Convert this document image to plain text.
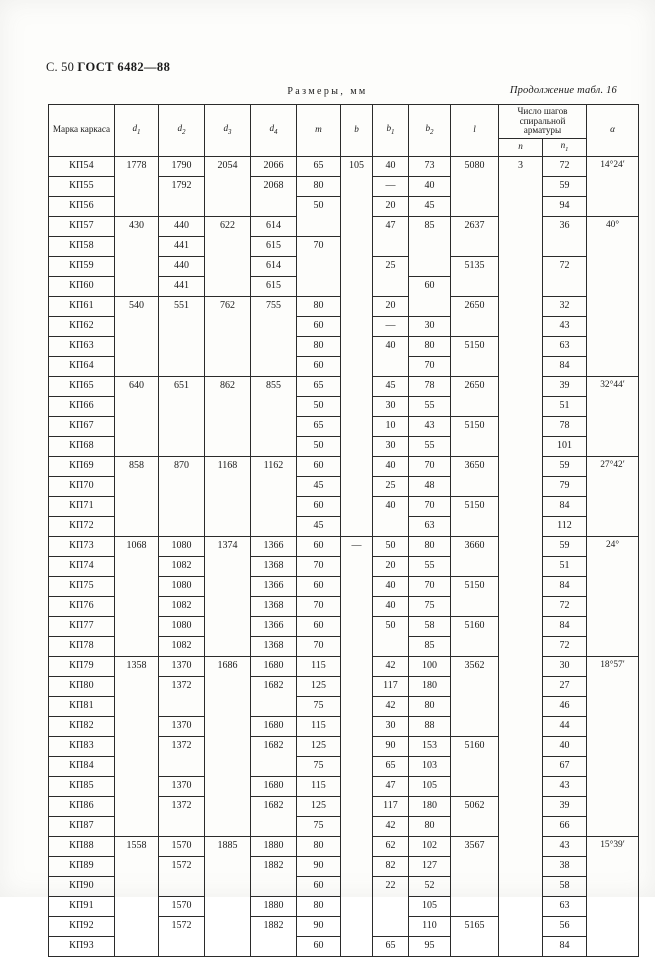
С. 50 ГОСТ 6482—88
Размеры, мм	Продолжение табл. 16
Марка каркаса	$d_1$	$d_2$	$d_3$	$d_4$	m	b	$b_1$	$b_2$	l	Число шагов спиральной арматуры		α
										n	$n_1$
КП54	1778	1790	2054	2066	65	105	40	73	5080	3	72	14°24′
КП55		1792		2068	80		—	40			59	
КП56					50		20	45			94	
КП57	430	440	622	614			47	85	2637		36	40°
КП58		441		615	70							
КП59		440		614			25		5135		72	
КП60		441		615				60				
КП61	540	551	762	755	80		20		2650		32	
КП62					60		—	30			43	
КП63					80		40	80	5150		63	
КП64					60			70			84	
КП65	640	651	862	855	65		45	78	2650		39	32°44′
КП66					50		30	55			51	
КП67					65		10	43	5150		78	
КП68					50		30	55			101	
КП69	858	870	1168	1162	60		40	70	3650		59	27°42′
КП70					45		25	48			79	
КП71					60		40	70	5150		84	
КП72					45			63			112	
КП73	1068	1080	1374	1366	60	—	50	80	3660		59	24°
КП74		1082		1368	70		20	55			51	
КП75		1080		1366	60		40	70	5150		84	
КП76		1082		1368	70		40	75			72	
КП77		1080		1366	60		50	58	5160		84	
КП78		1082		1368	70			85			72	
КП79	1358	1370	1686	1680	115		42	100	3562		30	18°57′
КП80		1372		1682	125		117	180			27	
КП81					75		42	80			46	
КП82		1370		1680	115		30	88			44	
КП83		1372		1682	125		90	153	5160		40	
КП84					75		65	103			67	
КП85		1370		1680	115		47	105			43	
КП86		1372		1682	125		117	180	5062		39	
КП87					75		42	80			66	
КП88	1558	1570	1885	1880	80		62	102	3567		43	15°39′
КП89		1572		1882	90		82	127			38	
КП90					60		22	52			58	
КП91		1570		1880	80			105			63	
КП92		1572		1882	90			110	5165		56	
КП93					60		65	95			84	
